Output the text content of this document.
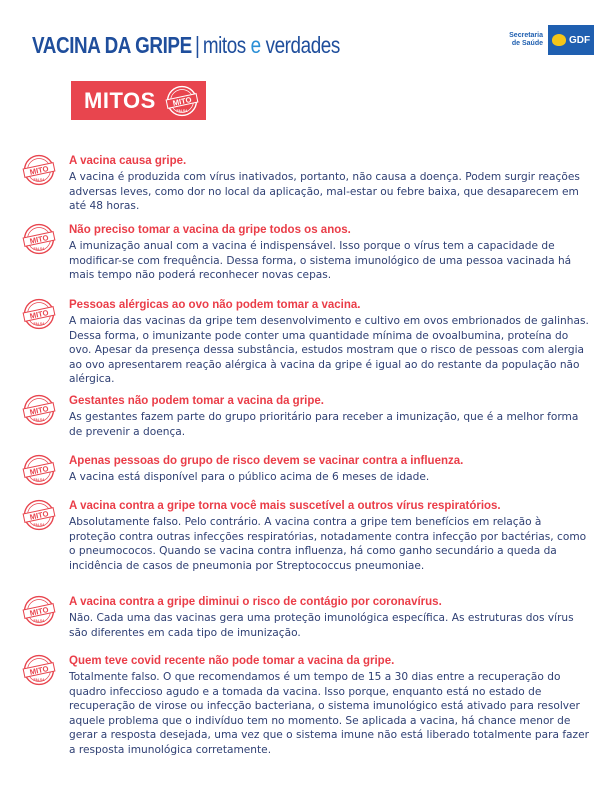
VACINA DA GRIPE | mitos e verdades	Secretaria
de Saúde	GDF
MITOS MITO
FALSA
MITO
FALSA
A vacina causa gripe.
A vacina é produzida com vírus inativados, portanto, não causa a doença. Podem surgir reações adversas leves, como dor no local da aplicação, mal-estar ou febre baixa, que desaparecem em até 48 horas.
MITO
FALSA
Não preciso tomar a vacina da gripe todos os anos.
A imunização anual com a vacina é indispensável. Isso porque o vírus tem a capacidade de modificar-se com frequência. Dessa forma, o sistema imunológico de uma pessoa vacinada há mais tempo não poderá reconhecer novas cepas.
MITO
FALSA
Pessoas alérgicas ao ovo não podem tomar a vacina.
A maioria das vacinas da gripe tem desenvolvimento e cultivo em ovos embrionados de galinhas. Dessa forma, o imunizante pode conter uma quantidade mínima de ovoalbumina, proteína do ovo. Apesar da presença dessa substância, estudos mostram que o risco de pessoas com alergia ao ovo apresentarem reação alérgica à vacina da gripe é igual ao do restante da população não alérgica.
MITO
FALSA
Gestantes não podem tomar a vacina da gripe.
As gestantes fazem parte do grupo prioritário para receber a imunização, que é a melhor forma de prevenir a doença.
MITO
FALSA
Apenas pessoas do grupo de risco devem se vacinar contra a influenza.
A vacina está disponível para o público acima de 6 meses de idade.
MITO
FALSA
A vacina contra a gripe torna você mais suscetível a outros vírus respiratórios.
Absolutamente falso. Pelo contrário. A vacina contra a gripe tem benefícios em relação à proteção contra outras infecções respiratórias, notadamente contra infecção por bactérias, como o pneumococos. Quando se vacina contra influenza, há como ganho secundário a queda da incidência de casos de pneumonia por Streptococcus pneumoniae.
MITO
FALSA
A vacina contra a gripe diminui o risco de contágio por coronavírus.
Não. Cada uma das vacinas gera uma proteção imunológica específica. As estruturas dos vírus são diferentes em cada tipo de imunização.
MITO
FALSA
Quem teve covid recente não pode tomar a vacina da gripe.
Totalmente falso. O que recomendamos é um tempo de 15 a 30 dias entre a recuperação do quadro infeccioso agudo e a tomada da vacina. Isso porque, enquanto está no estado de recuperação de virose ou infecção bacteriana, o sistema imunológico está ativado para resolver aquele problema que o indivíduo tem no momento. Se aplicada a vacina, há chance menor de gerar a resposta desejada, uma vez que o sistema imune não está liberado totalmente para fazer a resposta imunológica corretamente.
